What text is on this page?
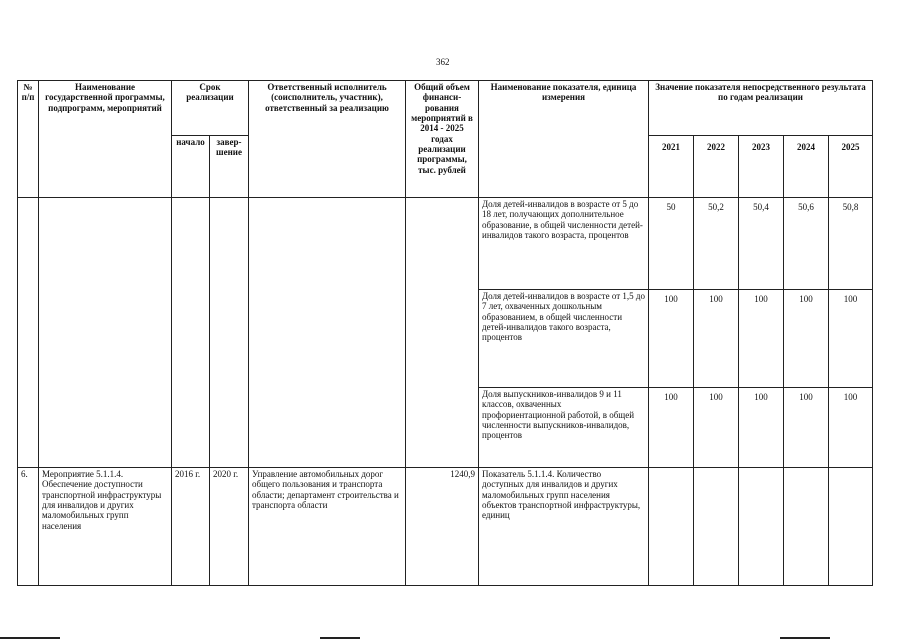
362
№ п/п	Наименование государственной программы, подпрограмм, мероприятий	Срок реализации		Ответственный исполнитель (соисполнитель, участник), ответственный за реализацию	Общий объем финанси-рования мероприятий в 2014 - 2025 годах реализации программы, тыс. рублей	Наименование показателя, единица измерения	Значение показателя непосредственного результата по годам реализации				
		начало	завер-шение				2021	2022	2023	2024	2025
						Доля детей-инвалидов в возрасте от 5 до 18 лет, получающих дополнительное образование, в общей численности детей-инвалидов такого возраста, процентов	50	50,2	50,4	50,6	50,8
						Доля детей-инвалидов в возрасте от 1,5 до 7 лет, охваченных дошкольным образованием, в общей численности детей-инвалидов такого возраста, процентов	100	100	100	100	100
						Доля выпускников-инвалидов 9 и 11 классов, охваченных профориентационной работой, в общей численности выпускников-инвалидов, процентов	100	100	100	100	100
6.	Мероприятие 5.1.1.4. Обеспечение доступности транспортной инфраструктуры для инвалидов и других маломобильных групп населения	2016 г.	2020 г.	Управление автомобильных дорог общего пользования и транспорта области; департамент строительства и транспорта области	1240,9	Показатель 5.1.1.4. Количество доступных для инвалидов и других маломобильных групп населения объектов транспортной инфраструктуры, единиц					
